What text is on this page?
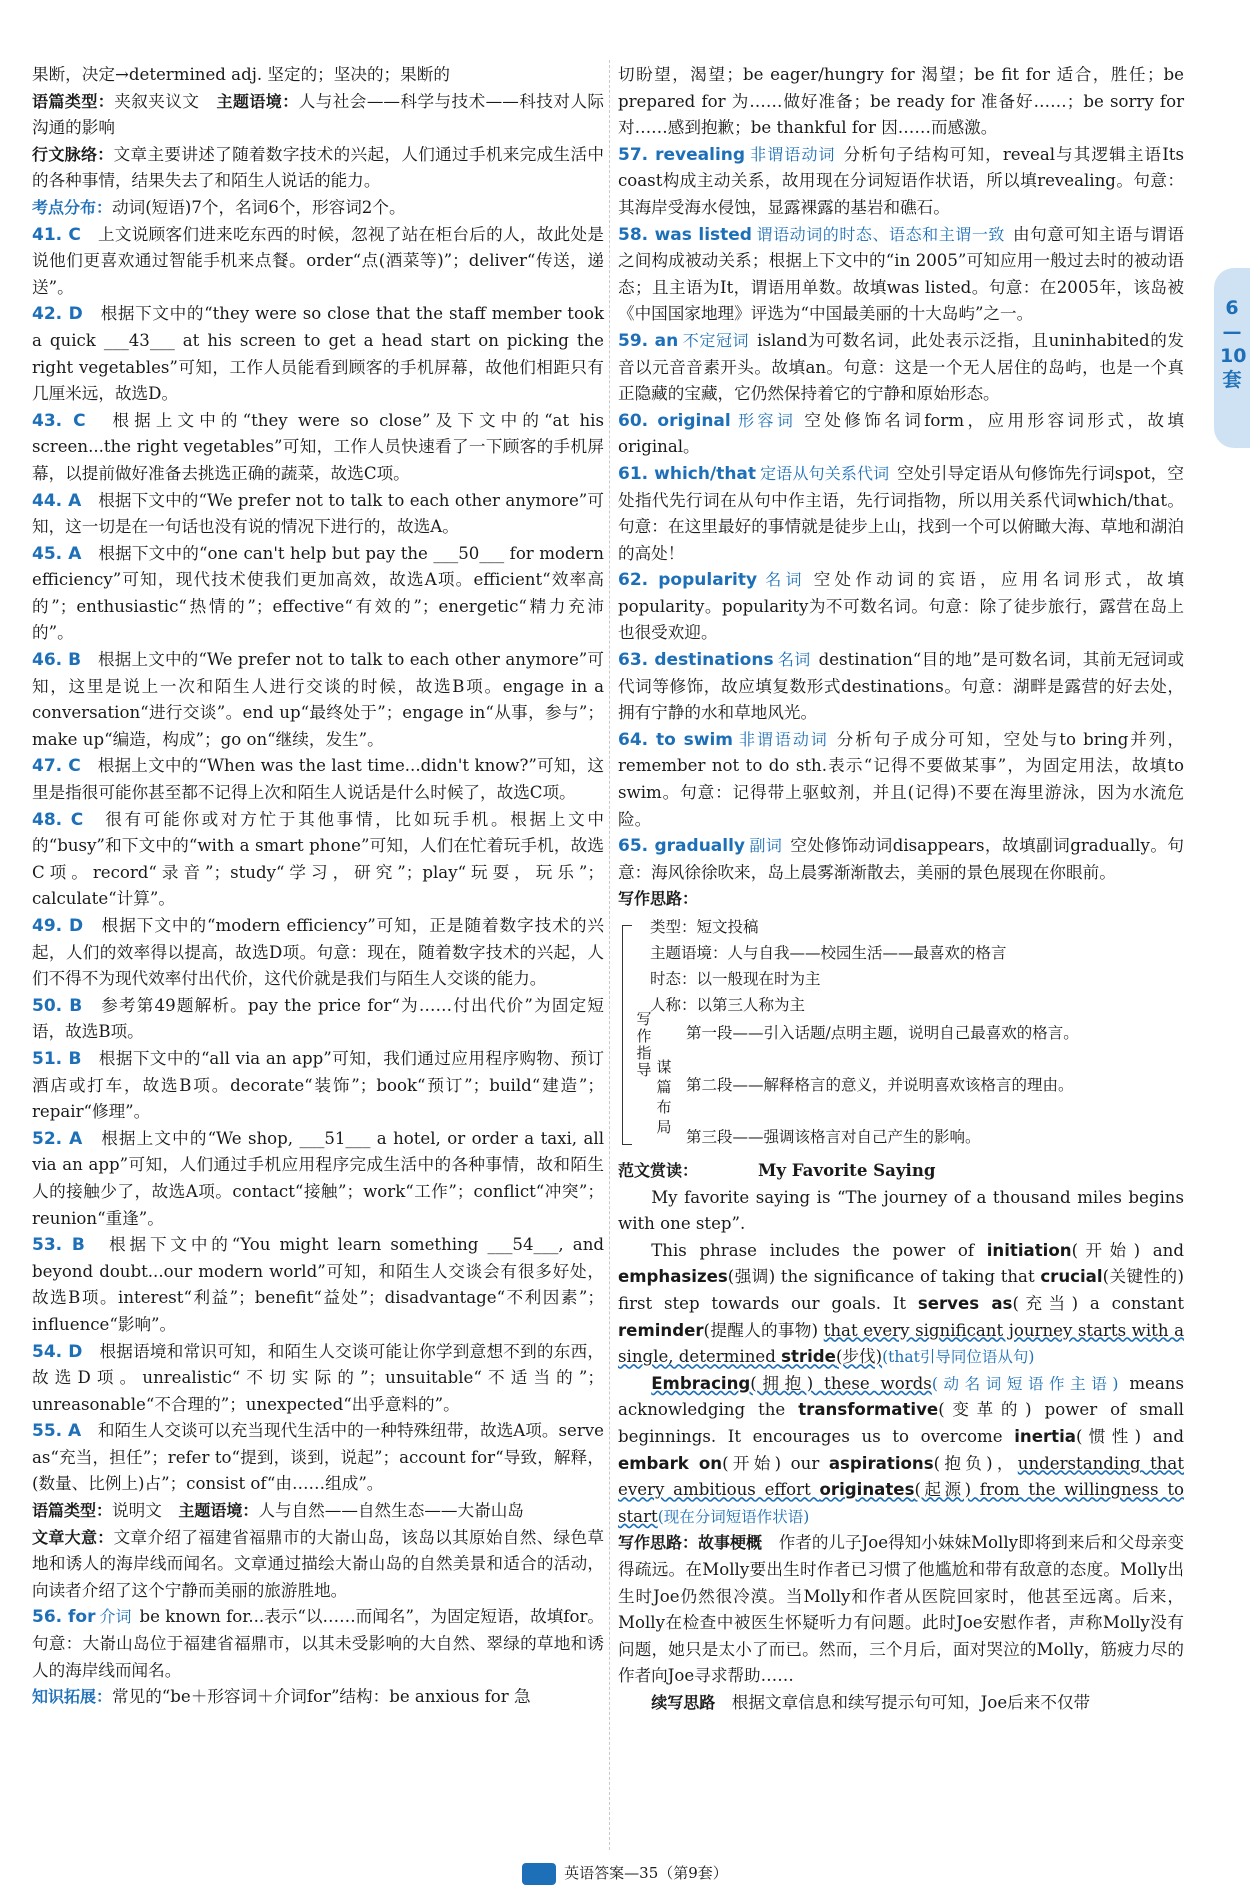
6—10套

果断，决定→determined adj. 坚定的；坚决的；果断的

语篇类型：夹叙夹议文　 主题语境：人与社会——科学与技术——科技对人际沟通的影响

行文脉络：文章主要讲述了随着数字技术的兴起，人们通过手机来完成生活中的各种事情，结果失去了和陌生人说话的能力。

考点分布：动词(短语)7个，名词6个，形容词2个。

41. C　 上文说顾客们进来吃东西的时候，忽视了站在柜台后的人，故此处是说他们更喜欢通过智能手机来点餐。order“点(酒菜等)”；deliver“传送，递送”。

42. D　 根据下文中的“they were so close that the staff member took a quick ___43___ at his screen to get a head start on picking the right vegetables”可知，工作人员能看到顾客的手机屏幕，故他们相距只有几厘米远，故选D。

43. C　 根据上文中的“they were so close”及下文中的“at his screen...the right vegetables”可知，工作人员快速看了一下顾客的手机屏幕，以提前做好准备去挑选正确的蔬菜，故选C项。

44. A　 根据下文中的“We prefer not to talk to each other anymore”可知，这一切是在一句话也没有说的情况下进行的，故选A。

45. A　 根据下文中的“one can't help but pay the ___50___ for modern efficiency”可知，现代技术使我们更加高效，故选A项。efficient“效率高的”；enthusiastic“热情的”；effective“有效的”；energetic“精力充沛的”。

46. B　 根据上文中的“We prefer not to talk to each other anymore”可知，这里是说上一次和陌生人进行交谈的时候，故选B项。engage in a conversation“进行交谈”。end up“最终处于”；engage in“从事，参与”；make up“编造，构成”；go on“继续，发生”。

47. C　 根据上文中的“When was the last time...didn't know?”可知，这里是指很可能你甚至都不记得上次和陌生人说话是什么时候了，故选C项。

48. C　 很有可能你或对方忙于其他事情，比如玩手机。根据上文中的“busy”和下文中的“with a smart phone”可知，人们在忙着玩手机，故选C项。record“录音”；study“学习，研究”；play“玩耍，玩乐”；calculate“计算”。

49. D　 根据下文中的“modern efficiency”可知，正是随着数字技术的兴起，人们的效率得以提高，故选D项。句意：现在，随着数字技术的兴起，人们不得不为现代效率付出代价，这代价就是我们与陌生人交谈的能力。

50. B　 参考第49题解析。pay the price for“为……付出代价”为固定短语，故选B项。

51. B　 根据下文中的“all via an app”可知，我们通过应用程序购物、预订酒店或打车，故选B项。decorate“装饰”；book“预订”；build“建造”；repair“修理”。

52. A　 根据上文中的“We shop, ___51___ a hotel, or order a taxi, all via an app”可知，人们通过手机应用程序完成生活中的各种事情，故和陌生人的接触少了，故选A项。contact“接触”；work“工作”；conflict“冲突”；reunion“重逢”。

53. B　 根据下文中的“You might learn something ___54___, and beyond doubt...our modern world”可知，和陌生人交谈会有很多好处，故选B项。interest“利益”；benefit“益处”；disadvantage“不利因素”；influence“影响”。

54. D　 根据语境和常识可知，和陌生人交谈可能让你学到意想不到的东西，故选D项。unrealistic“不切实际的”；unsuitable“不适当的”；unreasonable“不合理的”；unexpected“出乎意料的”。

55. A　 和陌生人交谈可以充当现代生活中的一种特殊纽带，故选A项。serve as“充当，担任”；refer to“提到，谈到，说起”；account for“导致，解释，(数量、比例上)占”；consist of“由……组成”。

语篇类型：说明文　 主题语境：人与自然——自然生态——大嵛山岛

文章大意：文章介绍了福建省福鼎市的大嵛山岛，该岛以其原始自然、绿色草地和诱人的海岸线而闻名。文章通过描绘大嵛山岛的自然美景和适合的活动，向读者介绍了这个宁静而美丽的旅游胜地。

56. for 介词 be known for...表示“以……而闻名”，为固定短语，故填for。句意：大嵛山岛位于福建省福鼎市，以其未受影响的大自然、翠绿的草地和诱人的海岸线而闻名。

知识拓展：常见的“be＋形容词＋介词for”结构：be anxious for 急

切盼望，渴望；be eager/hungry for 渴望；be fit for 适合，胜任；be prepared for 为……做好准备；be ready for 准备好……；be sorry for 对……感到抱歉；be thankful for 因……而感激。

57. revealing 非谓语动词 分析句子结构可知，reveal与其逻辑主语Its coast构成主动关系，故用现在分词短语作状语，所以填revealing。句意：其海岸受海水侵蚀，显露裸露的基岩和礁石。

58. was listed 谓语动词的时态、语态和主谓一致 由句意可知主语与谓语之间构成被动关系；根据上下文中的“in 2005”可知应用一般过去时的被动语态；且主语为It，谓语用单数。故填was listed。句意：在2005年，该岛被《中国国家地理》评选为“中国最美丽的十大岛屿”之一。

59. an 不定冠词 island为可数名词，此处表示泛指，且uninhabited的发音以元音音素开头。故填an。句意：这是一个无人居住的岛屿，也是一个真正隐藏的宝藏，它仍然保持着它的宁静和原始形态。

60. original 形容词 空处修饰名词form，应用形容词形式，故填original。

61. which/that 定语从句关系代词 空处引导定语从句修饰先行词spot，空处指代先行词在从句中作主语，先行词指物，所以用关系代词which/that。句意：在这里最好的事情就是徒步上山，找到一个可以俯瞰大海、草地和湖泊的高处！

62. popularity 名词 空处作动词的宾语，应用名词形式，故填popularity。popularity为不可数名词。句意：除了徒步旅行，露营在岛上也很受欢迎。

63. destinations 名词 destination“目的地”是可数名词，其前无冠词或代词等修饰，故应填复数形式destinations。句意：湖畔是露营的好去处，拥有宁静的水和草地风光。

64. to swim 非谓语动词 分析句子成分可知，空处与to bring并列，remember not to do sth.表示“记得不要做某事”，为固定用法，故填to swim。句意：记得带上驱蚊剂，并且(记得)不要在海里游泳，因为水流危险。

65. gradually 副词 空处修饰动词disappears，故填副词gradually。句意：海风徐徐吹来，岛上晨雾渐渐散去，美丽的景色展现在你眼前。

写作思路：

写作指导
类型：短文投稿
主题语境：人与自我——校园生活——最喜欢的格言
时态：以一般现在时为主
人称：以第三人称为主
谋篇布局
第一段——引入话题/点明主题，说明自己最喜欢的格言。
第二段——解释格言的意义，并说明喜欢该格言的理由。
第三段——强调该格言对自己产生的影响。

范文赏读：	My Favorite Saying

My favorite saying is “The journey of a thousand miles begins with one step”.

This phrase includes the power of initiation(开始) and emphasizes(强调) the significance of taking that crucial(关键性的) first step towards our goals. It serves as(充当) a constant reminder(提醒人的事物) that every significant journey starts with a single, determined stride(步伐)(that引导同位语从句)

Embracing(拥抱) these words(动名词短语作主语) means acknowledging the transformative(变革的) power of small beginnings. It encourages us to overcome inertia(惯性) and embark on(开始) our aspirations(抱负)，understanding that every ambitious effort originates(起源) from the willingness to start(现在分词短语作状语)

写作思路：故事梗概　 作者的儿子Joe得知小妹妹Molly即将到来后和父母亲变得疏远。在Molly要出生时作者已习惯了他尴尬和带有敌意的态度。Molly出生时Joe仍然很冷漠。当Molly和作者从医院回家时，他甚至远离。后来，Molly在检查中被医生怀疑听力有问题。此时Joe安慰作者，声称Molly没有问题，她只是太小了而已。然而，三个月后，面对哭泣的Molly，筋疲力尽的作者向Joe寻求帮助……

　　续写思路　 根据文章信息和续写提示句可知，Joe后来不仅带

英语答案—35（第9套）
